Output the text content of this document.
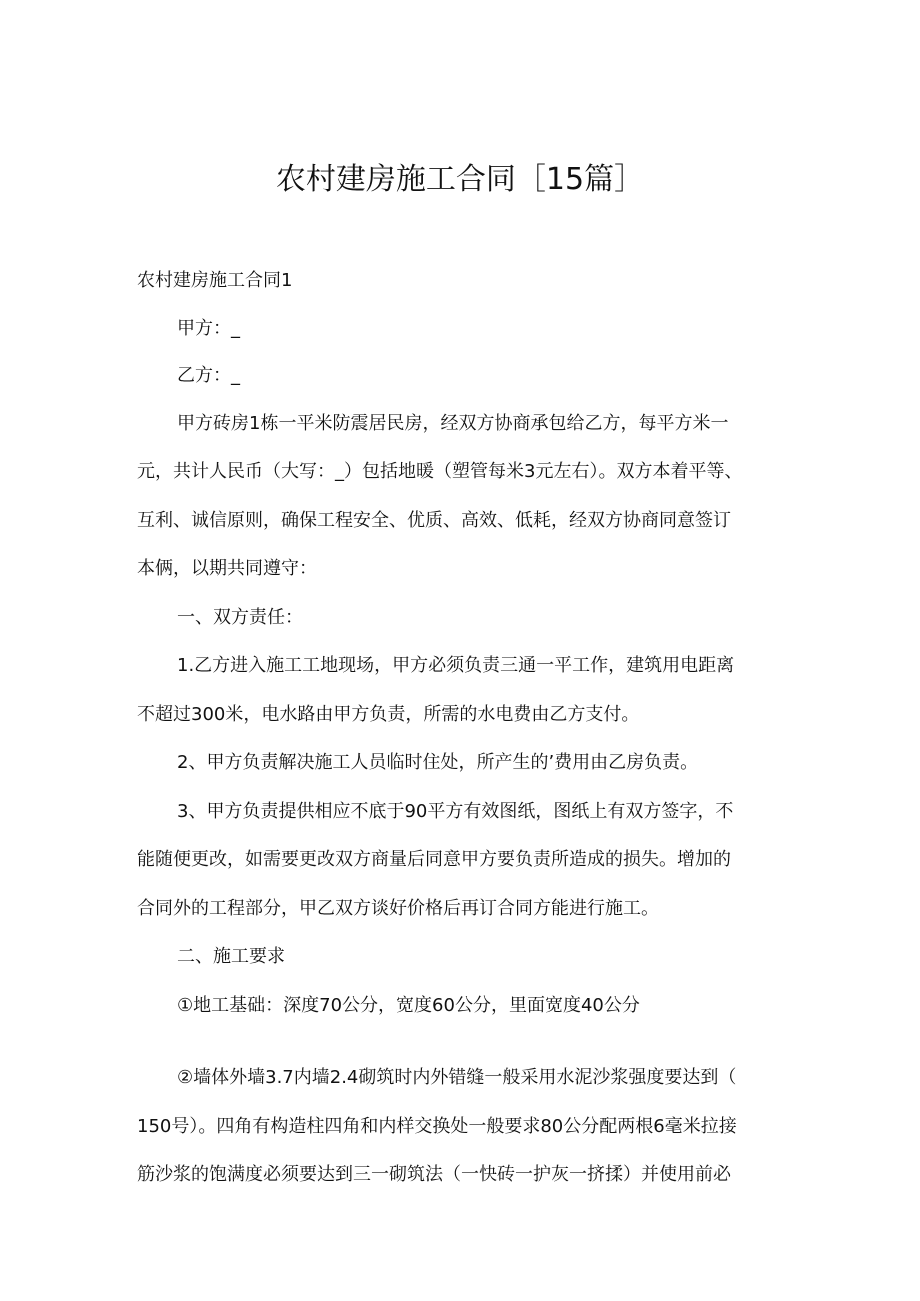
农村建房施工合同［15篇］

农村建房施工合同1

甲方：_

乙方：_

甲方砖房1栋一平米防震居民房，经双方协商承包给乙方，每平方米一

元，共计人民币（大写：_）包括地暖（塑管每米3元左右）。双方本着平等、

互利、诚信原则，确保工程安全、优质、高效、低耗，经双方协商同意签订

本俩，以期共同遵守：

一、双方责任：

1.乙方进入施工工地现场，甲方必须负责三通一平工作，建筑用电距离

不超过300米，电水路由甲方负责，所需的水电费由乙方支付。

2、甲方负责解决施工人员临时住处，所产生的’费用由乙房负责。

3、甲方负责提供相应不底于90平方有效图纸，图纸上有双方签字，不

能随便更改，如需要更改双方商量后同意甲方要负责所造成的损失。增加的

合同外的工程部分，甲乙双方谈好价格后再订合同方能进行施工。

二、施工要求

①地工基础：深度70公分，宽度60公分，里面宽度40公分

②墙体外墙3.7内墙2.4砌筑时内外错缝一般采用水泥沙浆强度要达到（

150号）。四角有构造柱四角和内样交换处一般要求80公分配两根6毫米拉接

筋沙浆的饱满度必须要达到三一砌筑法（一快砖一护灰一挤揉）并使用前必
